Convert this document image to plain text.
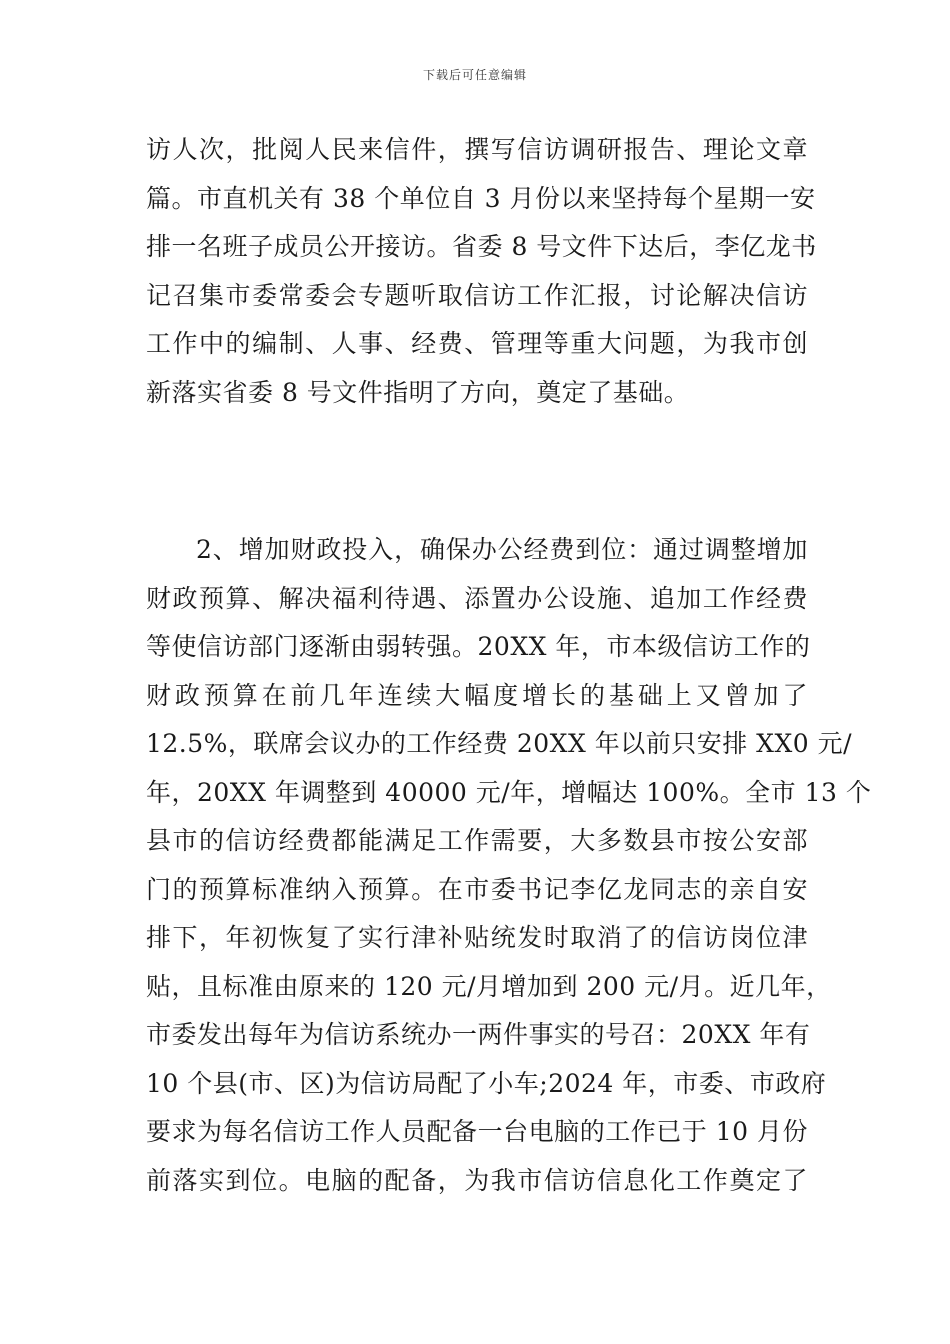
下载后可任意编辑
访人次，批阅人民来信件，撰写信访调研报告、理论文章
篇。市直机关有 38 个单位自 3 月份以来坚持每个星期一安
排一名班子成员公开接访。省委 8 号文件下达后，李亿龙书
记召集市委常委会专题听取信访工作汇报，讨论解决信访
工作中的编制、人事、经费、管理等重大问题，为我市创
新落实省委 8 号文件指明了方向，奠定了基础。
2、增加财政投入，确保办公经费到位：通过调整增加
财政预算、解决福利待遇、添置办公设施、追加工作经费
等使信访部门逐渐由弱转强。20XX 年，市本级信访工作的
财政预算在前几年连续大幅度增长的基础上又曾加了
12.5%，联席会议办的工作经费 20XX 年以前只安排 XX0 元/
年，20XX 年调整到 40000 元/年，增幅达 100%。全市 13 个
县市的信访经费都能满足工作需要，大多数县市按公安部
门的预算标准纳入预算。在市委书记李亿龙同志的亲自安
排下，年初恢复了实行津补贴统发时取消了的信访岗位津
贴，且标准由原来的 120 元/月增加到 200 元/月。近几年，
市委发出每年为信访系统办一两件事实的号召：20XX 年有
10 个县(市、区)为信访局配了小车;2024 年，市委、市政府
要求为每名信访工作人员配备一台电脑的工作已于 10 月份
前落实到位。电脑的配备，为我市信访信息化工作奠定了
